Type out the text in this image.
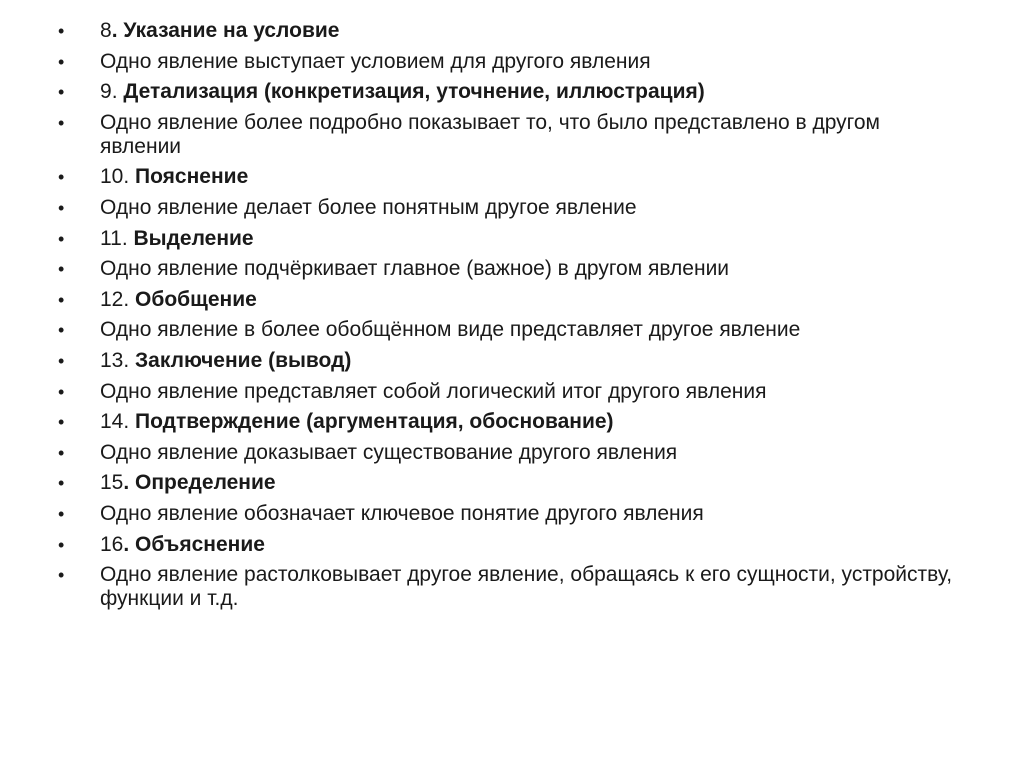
• 8. Указание на условие
• Одно явление выступает условием для другого явления
• 9. Детализация (конкретизация, уточнение, иллюстрация)
• Одно явление более подробно показывает то, что было представлено в другом явлении
• 10. Пояснение
• Одно явление делает более понятным другое явление
• 11. Выделение
• Одно явление подчёркивает главное (важное) в другом явлении
• 12. Обобщение
• Одно явление в более обобщённом виде представляет другое явление
• 13. Заключение (вывод)
• Одно явление представляет собой логический итог другого явления
• 14. Подтверждение (аргументация, обоснование)
• Одно явление доказывает существование другого явления
• 15. Определение
• Одно явление обозначает ключевое понятие другого явления
• 16. Объяснение
• Одно явление растолковывает другое явление, обращаясь к его сущности, устройству, функции и т.д.
